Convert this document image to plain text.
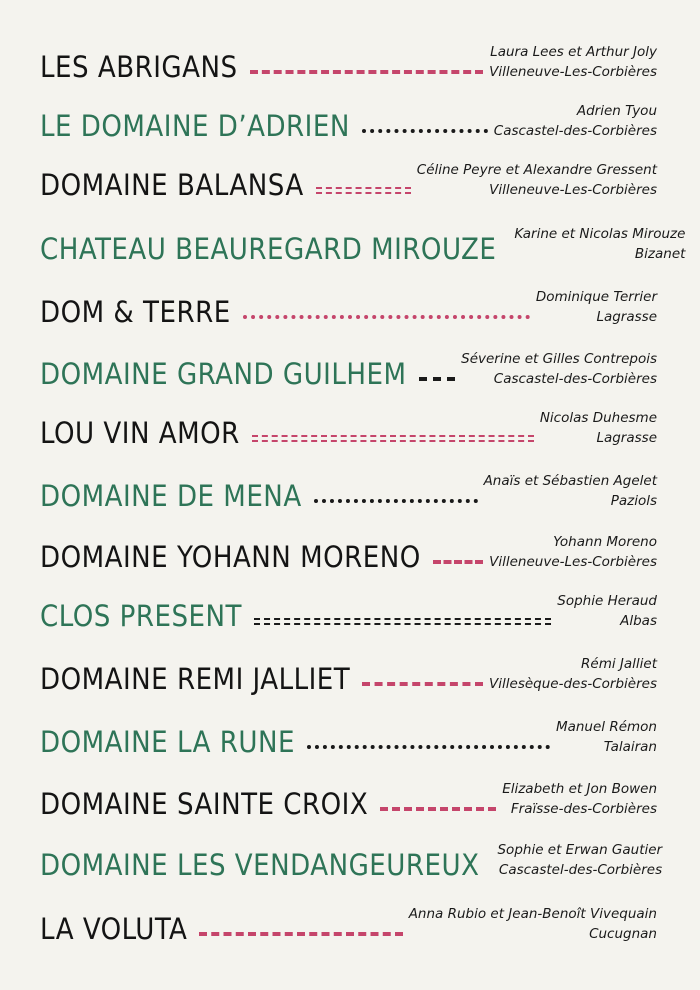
LES ABRIGANS	Laura Lees et Arthur Joly
Villeneuve-Les-Corbières
LE DOMAINE D’ADRIEN	Adrien Tyou
Cascastel-des-Corbières
DOMAINE BALANSA	Céline Peyre et Alexandre Gressent
Villeneuve-Les-Corbières
CHATEAU BEAUREGARD MIROUZE Karine et Nicolas Mirouze
Bizanet
DOM & TERRE	Dominique Terrier
Lagrasse
DOMAINE GRAND GUILHEM	Séverine et Gilles Contrepois
Cascastel-des-Corbières
LOU VIN AMOR	Nicolas Duhesme
Lagrasse
DOMAINE DE MENA	Anaïs et Sébastien Agelet
Paziols
DOMAINE YOHANN MORENO	Yohann Moreno
Villeneuve-Les-Corbières
CLOS PRESENT	Sophie Heraud
Albas
DOMAINE REMI JALLIET	Rémi Jalliet
Villesèque-des-Corbières
DOMAINE LA RUNE	Manuel Rémon
Talairan
DOMAINE SAINTE CROIX	Elizabeth et Jon Bowen
Fraïsse-des-Corbières
DOMAINE LES VENDANGEUREUX Sophie et Erwan Gautier
Cascastel-des-Corbières
LA VOLUTA	Anna Rubio et Jean-Benoît Vivequain
Cucugnan
